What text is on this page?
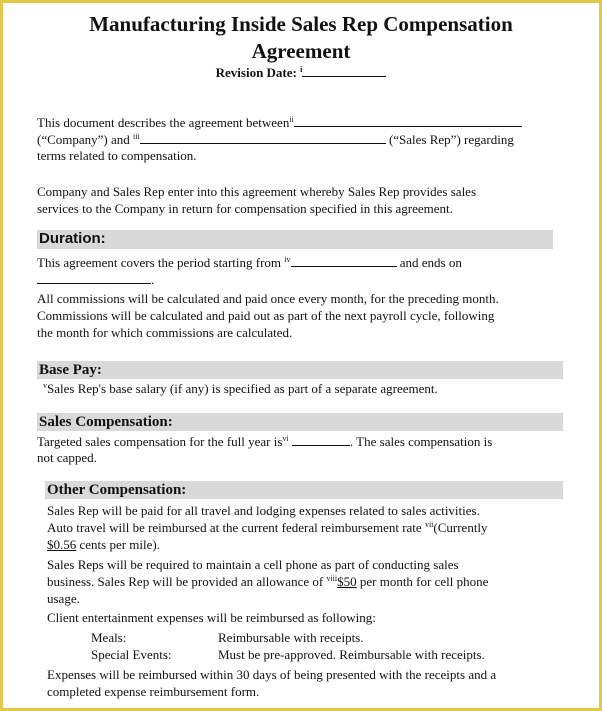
Manufacturing Inside Sales Rep Compensation
Agreement
Revision Date: $^i$
This document describes the agreement between$^{ii}$
(“Company”) and $^{iii}$	(“Sales Rep”) regarding
terms related to compensation.
Company and Sales Rep enter into this agreement whereby Sales Rep provides sales
services to the Company in return for compensation specified in this agreement.
Duration:
This agreement covers the period starting from $^{iv}$	and ends on
.
All commissions will be calculated and paid once every month, for the preceding month.
Commissions will be calculated and paid out as part of the next payroll cycle, following
the month for which commissions are calculated.
Base Pay:
$^v$Sales Rep's base salary (if any) is specified as part of a separate agreement.
Sales Compensation:
Targeted sales compensation for the full year $is^{vi}$	. The sales compensation is
not capped.
Other Compensation:
Sales Rep will be paid for all travel and lodging expenses related to sales activities.
Auto travel will be reimbursed at the current federal reimbursement rate $^{vii}$(Currently
$0.56 cents per mile).
Sales Reps will be required to maintain a cell phone as part of conducting sales
business. Sales Rep will be provided an allowance of $^{viii}$\$50 per month for cell phone
usage.
Client entertainment expenses will be reimbursed as following:
Meals:	Reimbursable with receipts.
Special Events:	Must be pre-approved. Reimbursable with receipts.
Expenses will be reimbursed within 30 days of being presented with the receipts and a
completed expense reimbursement form.
